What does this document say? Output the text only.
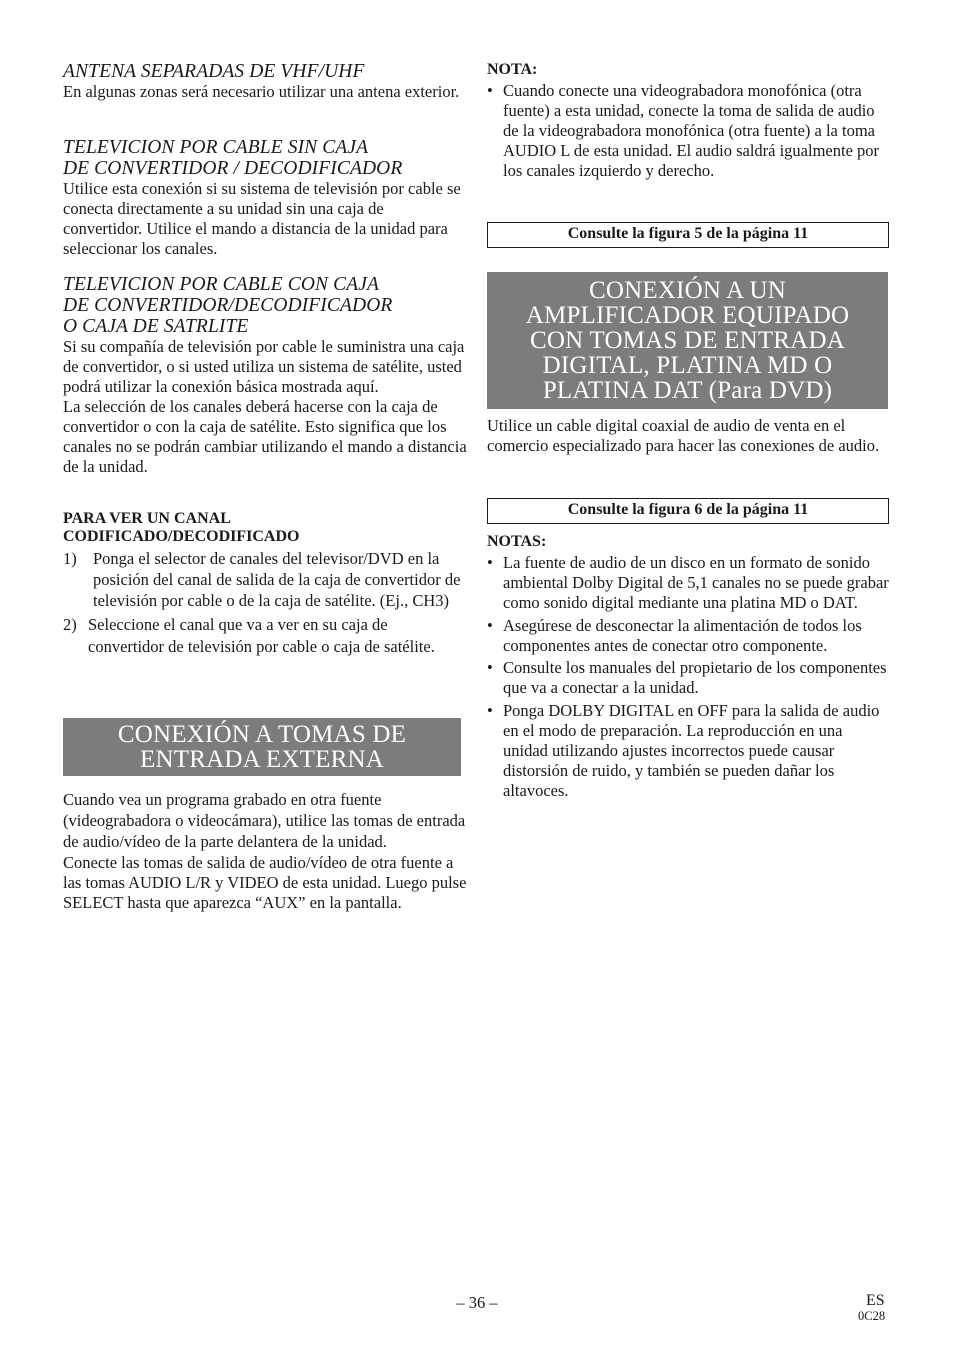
ANTENA SEPARADAS DE VHF/UHF

En algunas zonas será necesario utilizar una antena exterior.

TELEVICION POR CABLE SIN CAJA
DE CONVERTIDOR / DECODIFICADOR

Utilice esta conexión si su sistema de televisión por cable se conecta directamente a su unidad sin una caja de convertidor. Utilice el mando a distancia de la unidad para seleccionar los canales.

TELEVICION POR CABLE CON CAJA
DE CONVERTIDOR/DECODIFICADOR
O CAJA DE SATRLITE

Si su compañía de televisión por cable le suministra una caja de convertidor, o si usted utiliza un sistema de satélite, usted podrá utilizar la conexión básica mostrada aquí.

La selección de los canales deberá hacerse con la caja de convertidor o con la caja de satélite. Esto significa que los canales no se podrán cambiar utilizando el mando a distancia de la unidad.

PARA VER UN CANAL
CODIFICADO/DECODIFICADO
1) Ponga el selector de canales del televisor/DVD en la posición del canal de salida de la caja de convertidor de televisión por cable o de la caja de satélite. (Ej., CH3)
2) Seleccione el canal que va a ver en su caja de convertidor de televisión por cable o caja de satélite.
CONEXIÓN A TOMAS DE
ENTRADA EXTERNA

Cuando vea un programa grabado en otra fuente (videograbadora o videocámara), utilice las tomas de entrada de audio/vídeo de la parte delantera de la unidad.

Conecte las tomas de salida de audio/vídeo de otra fuente a las tomas AUDIO L/R y VIDEO de esta unidad. Luego pulse SELECT hasta que aparezca “AUX” en la pantalla.

NOTA:
• Cuando conecte una videograbadora monofónica (otra fuente) a esta unidad, conecte la toma de salida de audio de la videograbadora monofónica (otra fuente) a la toma AUDIO L de esta unidad. El audio saldrá igualmente por los canales izquierdo y derecho.
Consulte la figura 5 de la página 11
CONEXIÓN A UN
AMPLIFICADOR EQUIPADO
CON TOMAS DE ENTRADA
DIGITAL, PLATINA MD O
PLATINA DAT (Para DVD)

Utilice un cable digital coaxial de audio de venta en el comercio especializado para hacer las conexiones de audio.

Consulte la figura 6 de la página 11
NOTAS:
• La fuente de audio de un disco en un formato de sonido ambiental Dolby Digital de 5,1 canales no se puede grabar como sonido digital mediante una platina MD o DAT.
• Asegúrese de desconectar la alimentación de todos los componentes antes de conectar otro componente.
• Consulte los manuales del propietario de los componentes que va a conectar a la unidad.
• Ponga DOLBY DIGITAL en OFF para la salida de audio en el modo de preparación. La reproducción en una unidad utilizando ajustes incorrectos puede causar distorsión de ruido, y también se pueden dañar los altavoces.
– 36 –	ES
0C28
